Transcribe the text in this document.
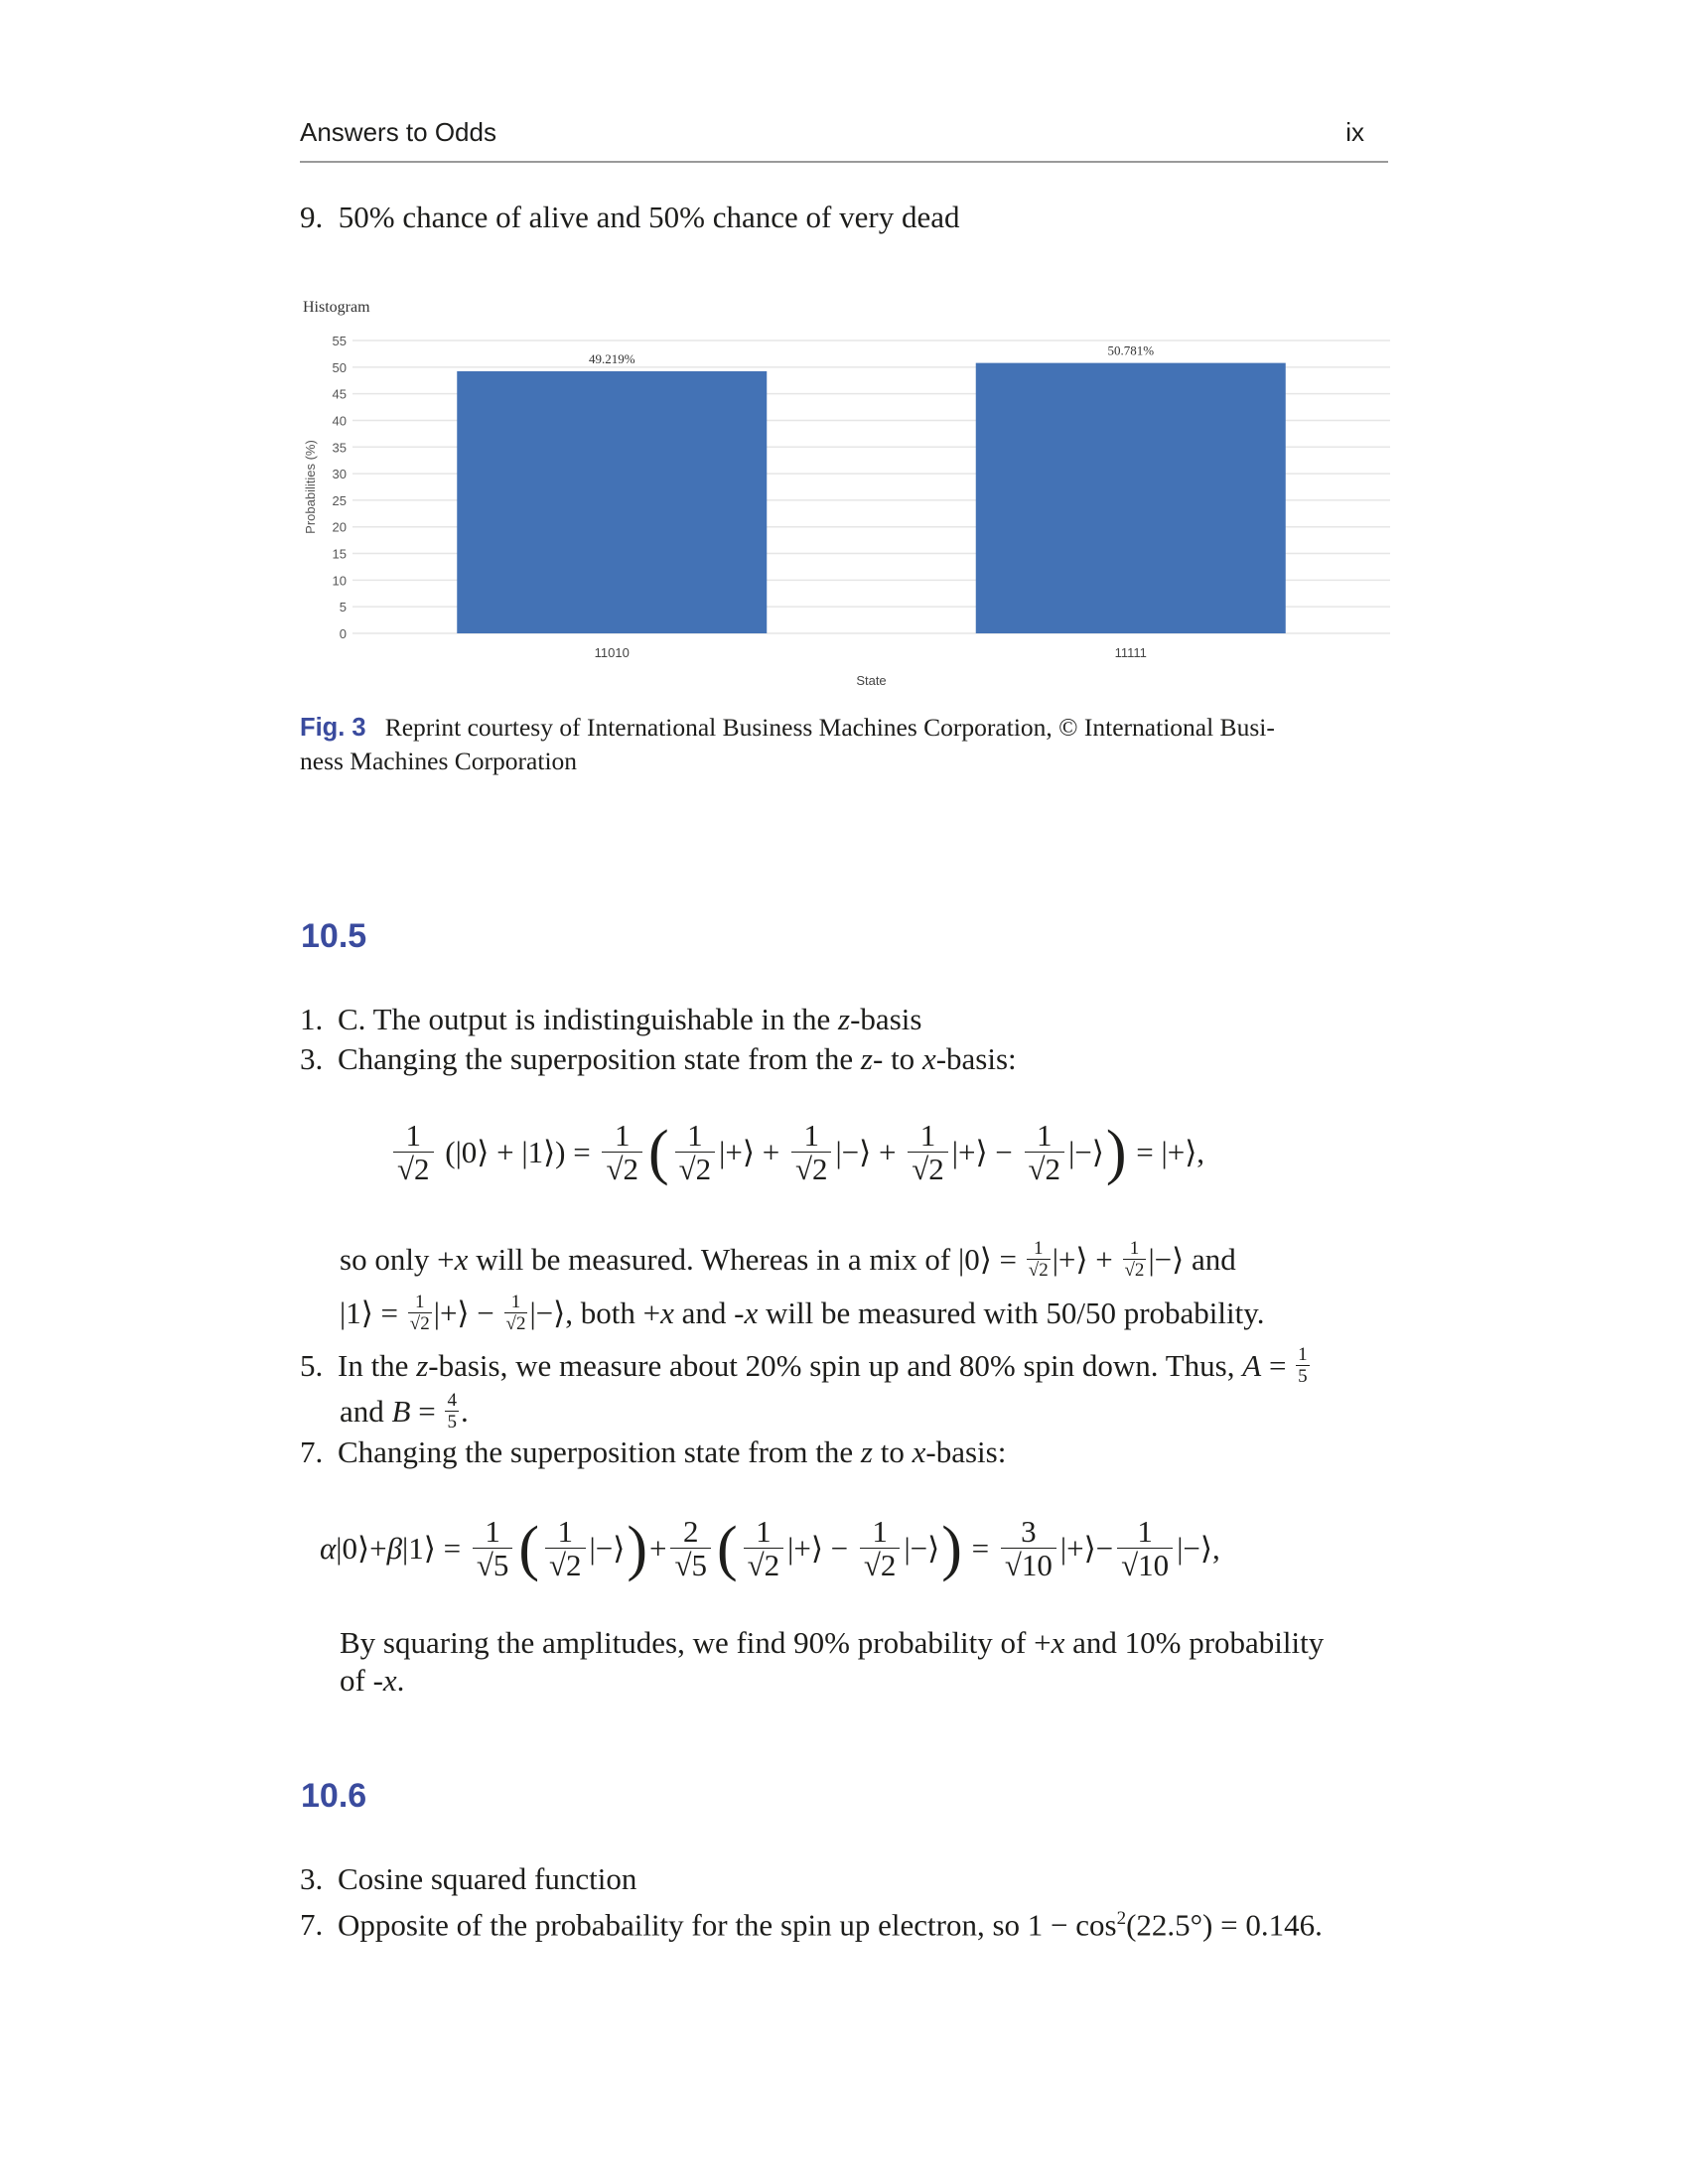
Answers to Odds	ix
9.  50% chance of alive and 50% chance of very dead
Histogram
55
50
45
40
35
30
25
20
15
10
5
0
Probabilities (%)
49.219%
11010
50.781%
11111
State
Fig. 3 Reprint courtesy of International Business Machines Corporation, © International Busi-
ness Machines Corporation
10.5
1. C. The output is indistinguishable in the z-basis
3. Changing the superposition state from the z- to x-basis:
$\frac{1}{√2}$ (|0⟩ + |1⟩) = $\frac{1}{√2}$ ( $\frac{1}{√2}$ |+⟩ + $\frac{1}{√2}$ |−⟩ + $\frac{1}{√2}$ |+⟩ − $\frac{1}{√2}$ |−⟩ ) = |+⟩,
so only +x will be measured. Whereas in a mix of |0⟩ = $\frac{1}{√2}$ |+⟩ + $\frac{1}{√2}$ |−⟩ and
|1⟩ = $\frac{1}{√2}$ |+⟩ − $\frac{1}{√2}$ |−⟩, both +x and -x will be measured with 50/50 probability.
5. In the z-basis, we measure about 20% spin up and 80% spin down. Thus, $A = \frac{1}{5}$
and $B = \frac{4}{5}$ .
7. Changing the superposition state from the z to x-basis:
α|0⟩+β|1⟩ = $\frac{1}{√5}$ ( $\frac{1}{√2}$ |−⟩ ) + $\frac{2}{√5}$ ( $\frac{1}{√2}$ |+⟩ − $\frac{1}{√2}$ |−⟩ ) = $\frac{3}{√10}$ |+⟩− $\frac{1}{√10}$ |−⟩,
By squaring the amplitudes, we find 90% probability of +x and 10% probability
of -x.
10.6
3. Cosine squared function
7. Opposite of the probabaility for the spin up electron, so $1 - \cos^2(22.5^\circ) = 0.146$.
